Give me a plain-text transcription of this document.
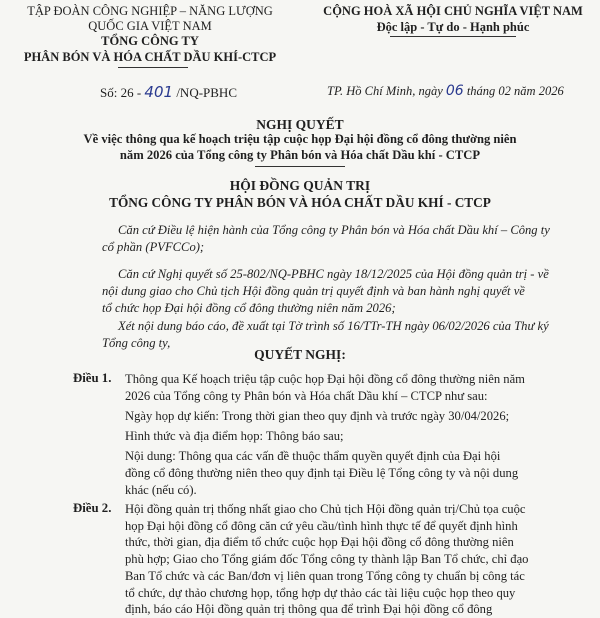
TẬP ĐOÀN CÔNG NGHIỆP – NĂNG LƯỢNG
QUỐC GIA VIỆT NAM
TỔNG CÔNG TY
PHÂN BÓN VÀ HÓA CHẤT DẦU KHÍ-CTCP
CỘNG HOÀ XÃ HỘI CHỦ NGHĨA VIỆT NAM
Độc lập - Tự do - Hạnh phúc
Số: 26 - 401 /NQ-PBHC	TP. Hồ Chí Minh, ngày 06 tháng 02 năm 2026
NGHỊ QUYẾT
Về việc thông qua kế hoạch triệu tập cuộc họp Đại hội đồng cổ đông thường niên
năm 2026 của Tổng công ty Phân bón và Hóa chất Dầu khí - CTCP
HỘI ĐỒNG QUẢN TRỊ
TỔNG CÔNG TY PHÂN BÓN VÀ HÓA CHẤT DẦU KHÍ - CTCP

Căn cứ Điều lệ hiện hành của Tổng công ty Phân bón và Hóa chất Dầu khí – Công ty

cổ phần (PVFCCo);

Căn cứ Nghị quyết số 25-802/NQ-PBHC ngày 18/12/2025 của Hội đồng quản trị - về

nội dung giao cho Chủ tịch Hội đồng quản trị quyết định và ban hành nghị quyết về

tổ chức họp Đại hội đồng cổ đông thường niên năm 2026;

Xét nội dung báo cáo, đề xuất tại Tờ trình số 16/TTr-TH ngày 06/02/2026 của Thư ký

Tổng công ty,

QUYẾT NGHỊ:
Điều 1. Thông qua Kế hoạch triệu tập cuộc họp Đại hội đồng cổ đông thường niên năm

2026 của Tổng công ty Phân bón và Hóa chất Dầu khí – CTCP như sau:

Ngày họp dự kiến: Trong thời gian theo quy định và trước ngày 30/04/2026;

Hình thức và địa điểm họp: Thông báo sau;

Nội dung: Thông qua các vấn đề thuộc thẩm quyền quyết định của Đại hội

đồng cổ đông thường niên theo quy định tại Điều lệ Tổng công ty và nội dung

khác (nếu có).

Điều 2. Hội đồng quản trị thống nhất giao cho Chủ tịch Hội đồng quản trị/Chủ tọa cuộc

họp Đại hội đồng cổ đông căn cứ yêu cầu/tình hình thực tế để quyết định hình

thức, thời gian, địa điểm tổ chức cuộc họp Đại hội đồng cổ đông thường niên

phù hợp; Giao cho Tổng giám đốc Tổng công ty thành lập Ban Tổ chức, chỉ đạo

Ban Tổ chức và các Ban/đơn vị liên quan trong Tổng công ty chuẩn bị công tác

tổ chức, dự thảo chương họp, tổng hợp dự thảo các tài liệu cuộc họp theo quy

định, báo cáo Hội đồng quản trị thông qua để trình Đại hội đồng cổ đông
